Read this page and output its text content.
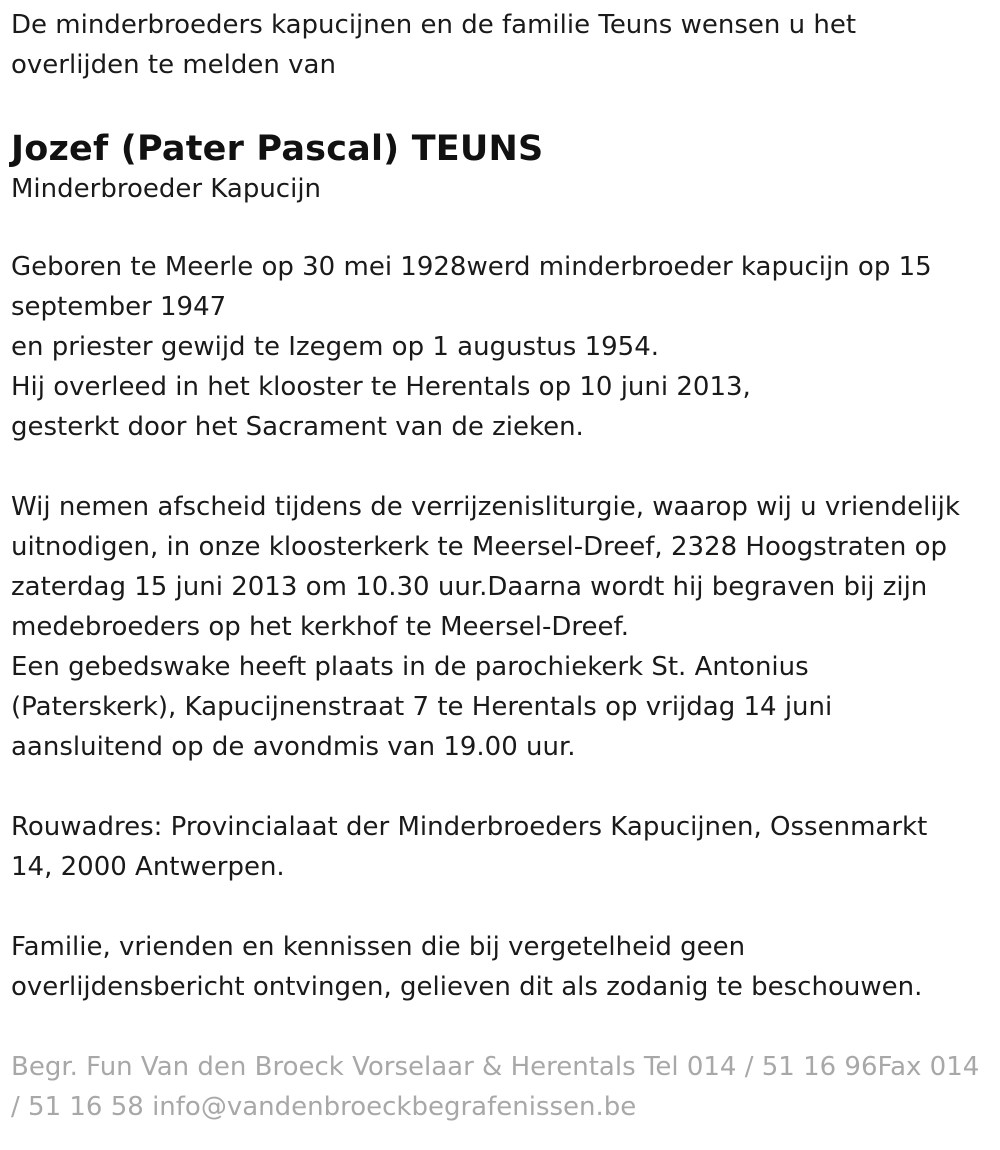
De minderbroeders kapucijnen en de familie Teuns wensen u het
overlijden te melden van
Jozef (Pater Pascal) TEUNS
Minderbroeder Kapucijn
Geboren te Meerle op 30 mei 1928werd minderbroeder kapucijn op 15
september 1947
en priester gewijd te Izegem op 1 augustus 1954.
Hij overleed in het klooster te Herentals op 10 juni 2013,
gesterkt door het Sacrament van de zieken.
Wij nemen afscheid tijdens de verrijzenisliturgie, waarop wij u vriendelijk
uitnodigen, in onze kloosterkerk te Meersel-Dreef, 2328 Hoogstraten op
zaterdag 15 juni 2013 om 10.30 uur.Daarna wordt hij begraven bij zijn
medebroeders op het kerkhof te Meersel-Dreef.
Een gebedswake heeft plaats in de parochiekerk St. Antonius
(Paterskerk), Kapucijnenstraat 7 te Herentals op vrijdag 14 juni
aansluitend op de avondmis van 19.00 uur.
Rouwadres: Provincialaat der Minderbroeders Kapucijnen, Ossenmarkt
14, 2000 Antwerpen.
Familie, vrienden en kennissen die bij vergetelheid geen
overlijdensbericht ontvingen, gelieven dit als zodanig te beschouwen.
Begr. Fun Van den Broeck Vorselaar & Herentals Tel 014 / 51 16 96Fax 014
/ 51 16 58 info@vandenbroeckbegrafenissen.be
